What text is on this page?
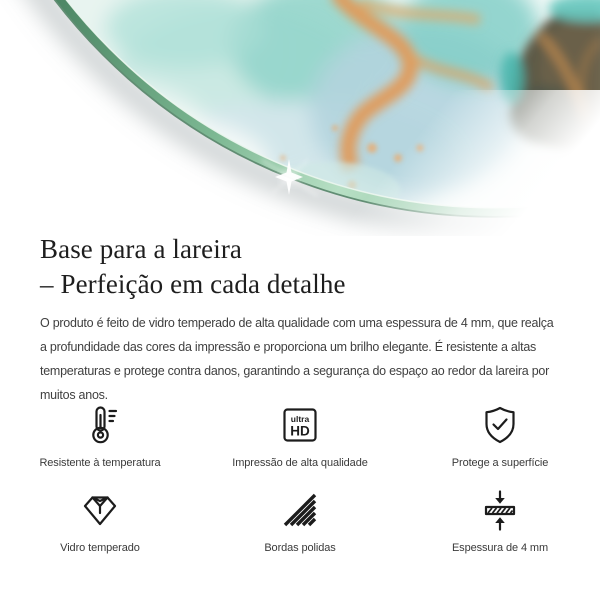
Base para a lareira
– Perfeição em cada detalhe

O produto é feito de vidro temperado de alta qualidade com uma espessura de 4 mm, que realça
a profundidade das cores da impressão e proporciona um brilho elegante. É resistente a altas
temperaturas e protege contra danos, garantindo a segurança do espaço ao redor da lareira por
muitos anos.

Resistente à temperatura
ultra
HD
Impressão de alta qualidade	Protege a superfície
Vidro temperado	Bordas polidas	Espessura de 4 mm
